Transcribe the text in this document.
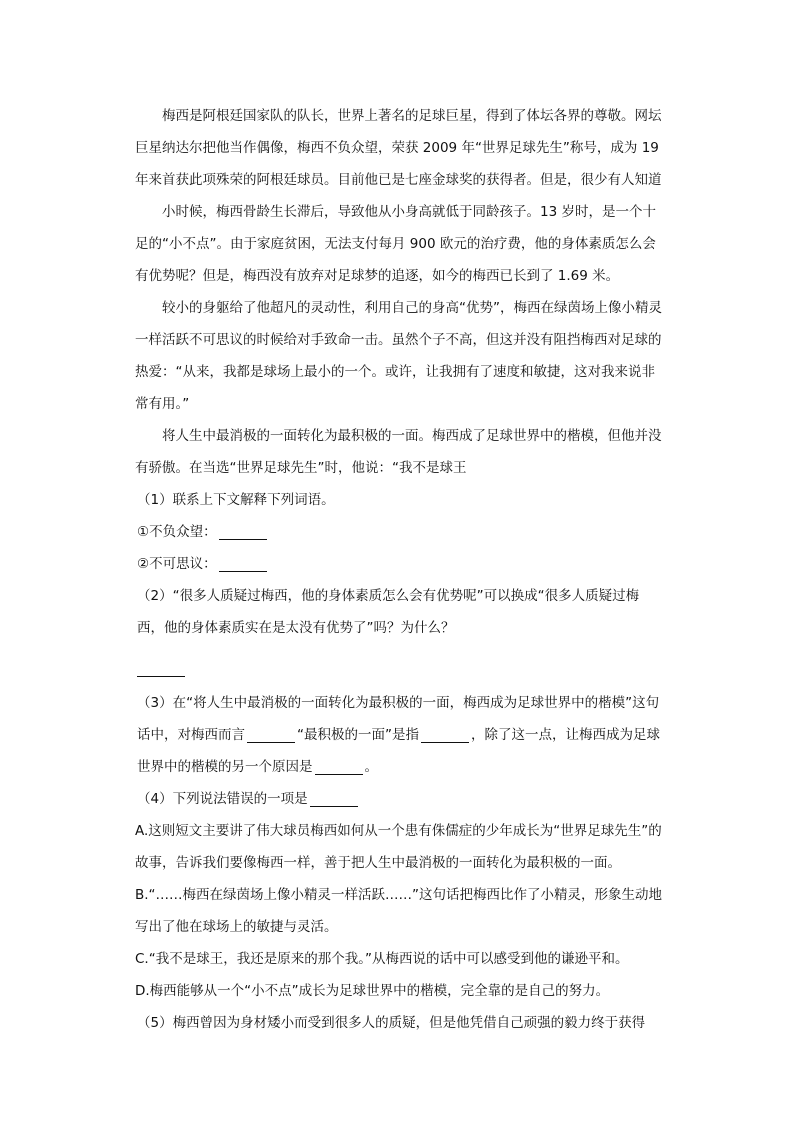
梅西是阿根廷国家队的队长，世界上著名的足球巨星，得到了体坛各界的尊敬。网坛巨星纳达尔把他当作偶像，梅西不负众望，荣获 2009 年“世界足球先生”称号，成为 19 年来首获此项殊荣的阿根廷球员。目前他已是七座金球奖的获得者。但是，很少有人知道

小时候，梅西骨龄生长滞后，导致他从小身高就低于同龄孩子。13 岁时，是一个十足的“小不点”。由于家庭贫困，无法支付每月 900 欧元的治疗费，他的身体素质怎么会有优势呢？但是，梅西没有放弃对足球梦的追逐，如今的梅西已长到了 1.69 米。

较小的身躯给了他超凡的灵动性，利用自己的身高“优势”，梅西在绿茵场上像小精灵一样活跃不可思议的时候给对手致命一击。虽然个子不高，但这并没有阻挡梅西对足球的热爱：“从来，我都是球场上最小的一个。或许，让我拥有了速度和敏捷，这对我来说非常有用。”

将人生中最消极的一面转化为最积极的一面。梅西成了足球世界中的楷模，但他并没有骄傲。在当选“世界足球先生”时，他说：“我不是球王

（1）联系上下文解释下列词语。

①不负众望：

②不可思议：

（2）“很多人质疑过梅西，他的身体素质怎么会有优势呢”可以换成“很多人质疑过梅西，他的身体素质实在是太没有优势了”吗？为什么？

（3）在“将人生中最消极的一面转化为最积极的一面，梅西成为足球世界中的楷模”这句话中，对梅西而言	“最积极的一面”是指	，除了这一点，让梅西成为足球世界中的楷模的另一个原因是	。

（4）下列说法错误的一项是

A.这则短文主要讲了伟大球员梅西如何从一个患有侏儒症的少年成长为“世界足球先生”的故事，告诉我们要像梅西一样，善于把人生中最消极的一面转化为最积极的一面。

B.“……梅西在绿茵场上像小精灵一样活跃……”这句话把梅西比作了小精灵，形象生动地写出了他在球场上的敏捷与灵活。

C.“我不是球王，我还是原来的那个我。”从梅西说的话中可以感受到他的谦逊平和。

D.梅西能够从一个“小不点”成长为足球世界中的楷模，完全靠的是自己的努力。

（5）梅西曾因为身材矮小而受到很多人的质疑，但是他凭借自己顽强的毅力终于获得
